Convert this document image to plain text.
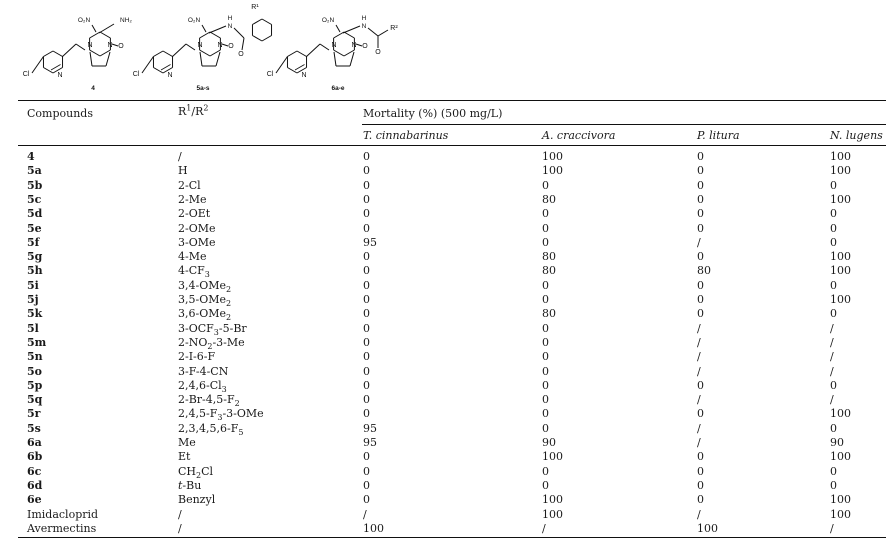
Cl	N
N N
O₂N
O
NH₂
4
Cl	N
N N
O₂N
O
H
N
O
R¹
5a-s
Cl	N
N N
O₂N
O
H
N
O
R²
6a-e
Compounds	$R^1/R^2$	Mortality (%) (500 mg/L)
T. cinnabarinus	A. craccivora	P. litura	N. lugens
4	/	0	100	0	100
5a	H	0	100	0	100
5b	2-Cl	0	0	0	0
5c	2-Me	0	80	0	100
5d	2-OEt	0	0	0	0
5e	2-OMe	0	0	0	0
5f	3-OMe	95	0	/	0
5g	4-Me	0	80	0	100
5h	$4-CF_3$	0	80	80	100
5i	3,4-OMe$_2$	0	0	0	0
5j	3,5-OMe$_2$	0	0	0	100
5k	3,6-OMe$_2$	0	80	0	0
5l	$3-OCF_3-5-Br$	0	0	/	/
5m	$2-NO_2-3-Me$	0	0	/	/
5n	2-I-6-F	0	0	/	/
5o	3-F-4-CN	0	0	/	/
5p	$2,4,6-Cl_3$	0	0	0	0
5q	$2-Br-4,5-F_2$	0	0	/	/
5r	$2,4,5-F_3-3$-OMe	0	0	0	100
5s	$2,3,4,5,6-F_5$	95	0	/	0
6a	Me	95	90	/	90
6b	Et	0	100	0	100
6c	$CH_2Cl$	0	0	0	0
6d	t-Bu	0	0	0	0
6e	Benzyl	0	100	0	100
Imidacloprid	/	/	100	/	100
Avermectins	/	100	/	100	/
